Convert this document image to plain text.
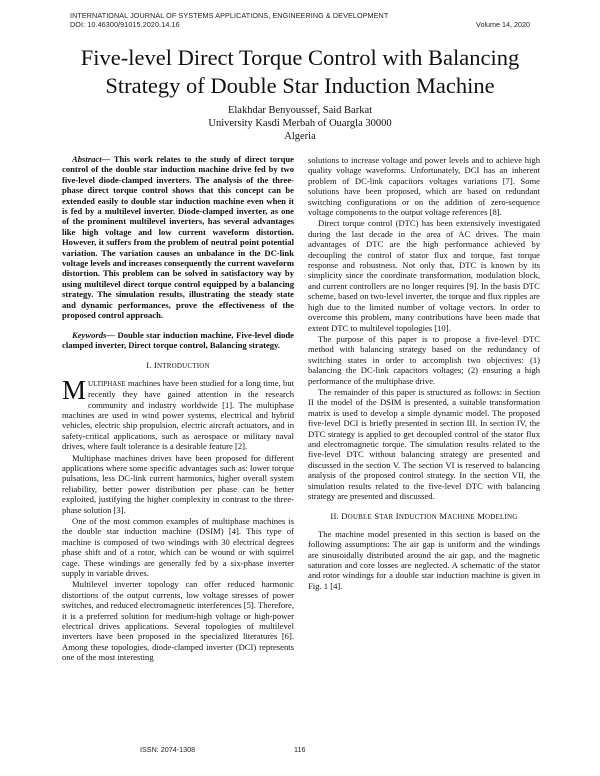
INTERNATIONAL JOURNAL OF SYSTEMS APPLICATIONS, ENGINEERING & DEVELOPMENT
DOI: 10.46300/91015.2020.14.16	Volume 14, 2020
Five-level Direct Torque Control with Balancing
Strategy of Double Star Induction Machine
Elakhdar Benyoussef, Said Barkat
University Kasdi Merbah of Ouargla 30000
Algeria
Abstract— This work relates to the study of direct torque control of the double star induction machine drive fed by two five-level diode-clamped inverters. The analysis of the three-phase direct torque control shows that this concept can be extended easily to double star induction machine even when it is fed by a multilevel inverter. Diode-clamped inverter, as one of the prominent multilevel inverters, has several advantages like high voltage and low current waveform distortion. However, it suffers from the problem of neutral point potential variation. The variation causes an unbalance in the DC-link voltage levels and increases consequently the current waveform distortion. This problem can be solved in satisfactory way by using multilevel direct torque control equipped by a balancing strategy. The simulation results, illustrating the steady state and dynamic performances, prove the effectiveness of the proposed control approach.
Keywords— Double star induction machine, Five-level diode clamped inverter, Direct torque control, Balancing strategy.
I. INTRODUCTION

MULTIPHASE machines have been studied for a long time, but recently they have gained attention in the research community and industry worldwide [1]. The multiphase machines are used in wind power systems, electrical and hybrid vehicles, electric ship propulsion, electric aircraft actuators, and in safety-critical applications, such as aerospace or military naval drives, where fault tolerance is a desirable feature [2].

Multiphase machines drives have been proposed for different applications where some specific advantages such as: lower torque pulsations, less DC-link current harmonics, higher overall system reliability, better power distribution per phase can be better exploited, justifying the higher complexity in contrast to the three-phase solution [3].

One of the most common examples of multiphase machines is the double star induction machine (DSIM) [4]. This type of machine is composed of two windings with 30 electrical degrees phase shift and of a rotor, which can be wound or with squirrel cage. These windings are generally fed by a six-phase inverter supply in variable drives.

Multilevel inverter topology can offer reduced harmonic distortions of the output currents, low voltage stresses of power switches, and reduced electromagnetic interferences [5]. Therefore, it is a preferred solution for medium-high voltage or high-power electrical drives applications. Several topologies of multilevel inverters have been proposed in the specialized literatures [6]. Among these topologies, diode-clamped inverter (DCI) represents one of the most interesting

solutions to increase voltage and power levels and to achieve high quality voltage waveforms. Unfortunately, DCI has an inherent problem of DC-link capacitors voltages variations [7]. Some solutions have been proposed, which are based on redundant switching configurations or on the addition of zero-sequence voltage components to the output voltage references [8].

Direct torque control (DTC) has been extensively investigated during the last decade in the area of AC drives. The main advantages of DTC are the high performance achieved by decoupling the control of stator flux and torque, fast torque response and robustness. Not only that, DTC is known by its simplicity since the coordinate transformation, modulation block, and current controllers are no longer requires [9]. In the basis DTC scheme, based on two-level inverter, the torque and flux ripples are high due to the limited number of voltage vectors. In order to overcome this problem, many contributions have been made that extent DTC to multilevel topologies [10].

The purpose of this paper is to propose a five-level DTC method with balancing strategy based on the redundancy of switching states in order to accomplish two objectives: (1) balancing the DC-link capacitors voltages; (2) ensuring a high performance of the multiphase drive.

The remainder of this paper is structured as follows: in Section II the model of the DSIM is presented, a suitable transformation matrix is used to develop a simple dynamic model. The proposed five-level DCI is briefly presented in section III. In section IV, the DTC strategy is applied to get decoupled control of the stator flux and electromagnetic torque. The simulation results related to the five-level DTC without balancing strategy are presented and discussed in the section V. The section VI is reserved to balancing analysis of the proposed control strategy. In the section VII, the simulation results related to the five-level DTC with balancing strategy are presented and discussed.

II. DOUBLE STAR INDUCTION MACHINE MODELING

The machine model presented in this section is based on the following assumptions: The air gap is uniform and the windings are sinusoidally distributed around the air gap, and the magnetic saturation and core losses are neglected. A schematic of the stator and rotor windings for a double star induction machine is given in Fig. 1 [4].

ISSN: 2074-1308	116
